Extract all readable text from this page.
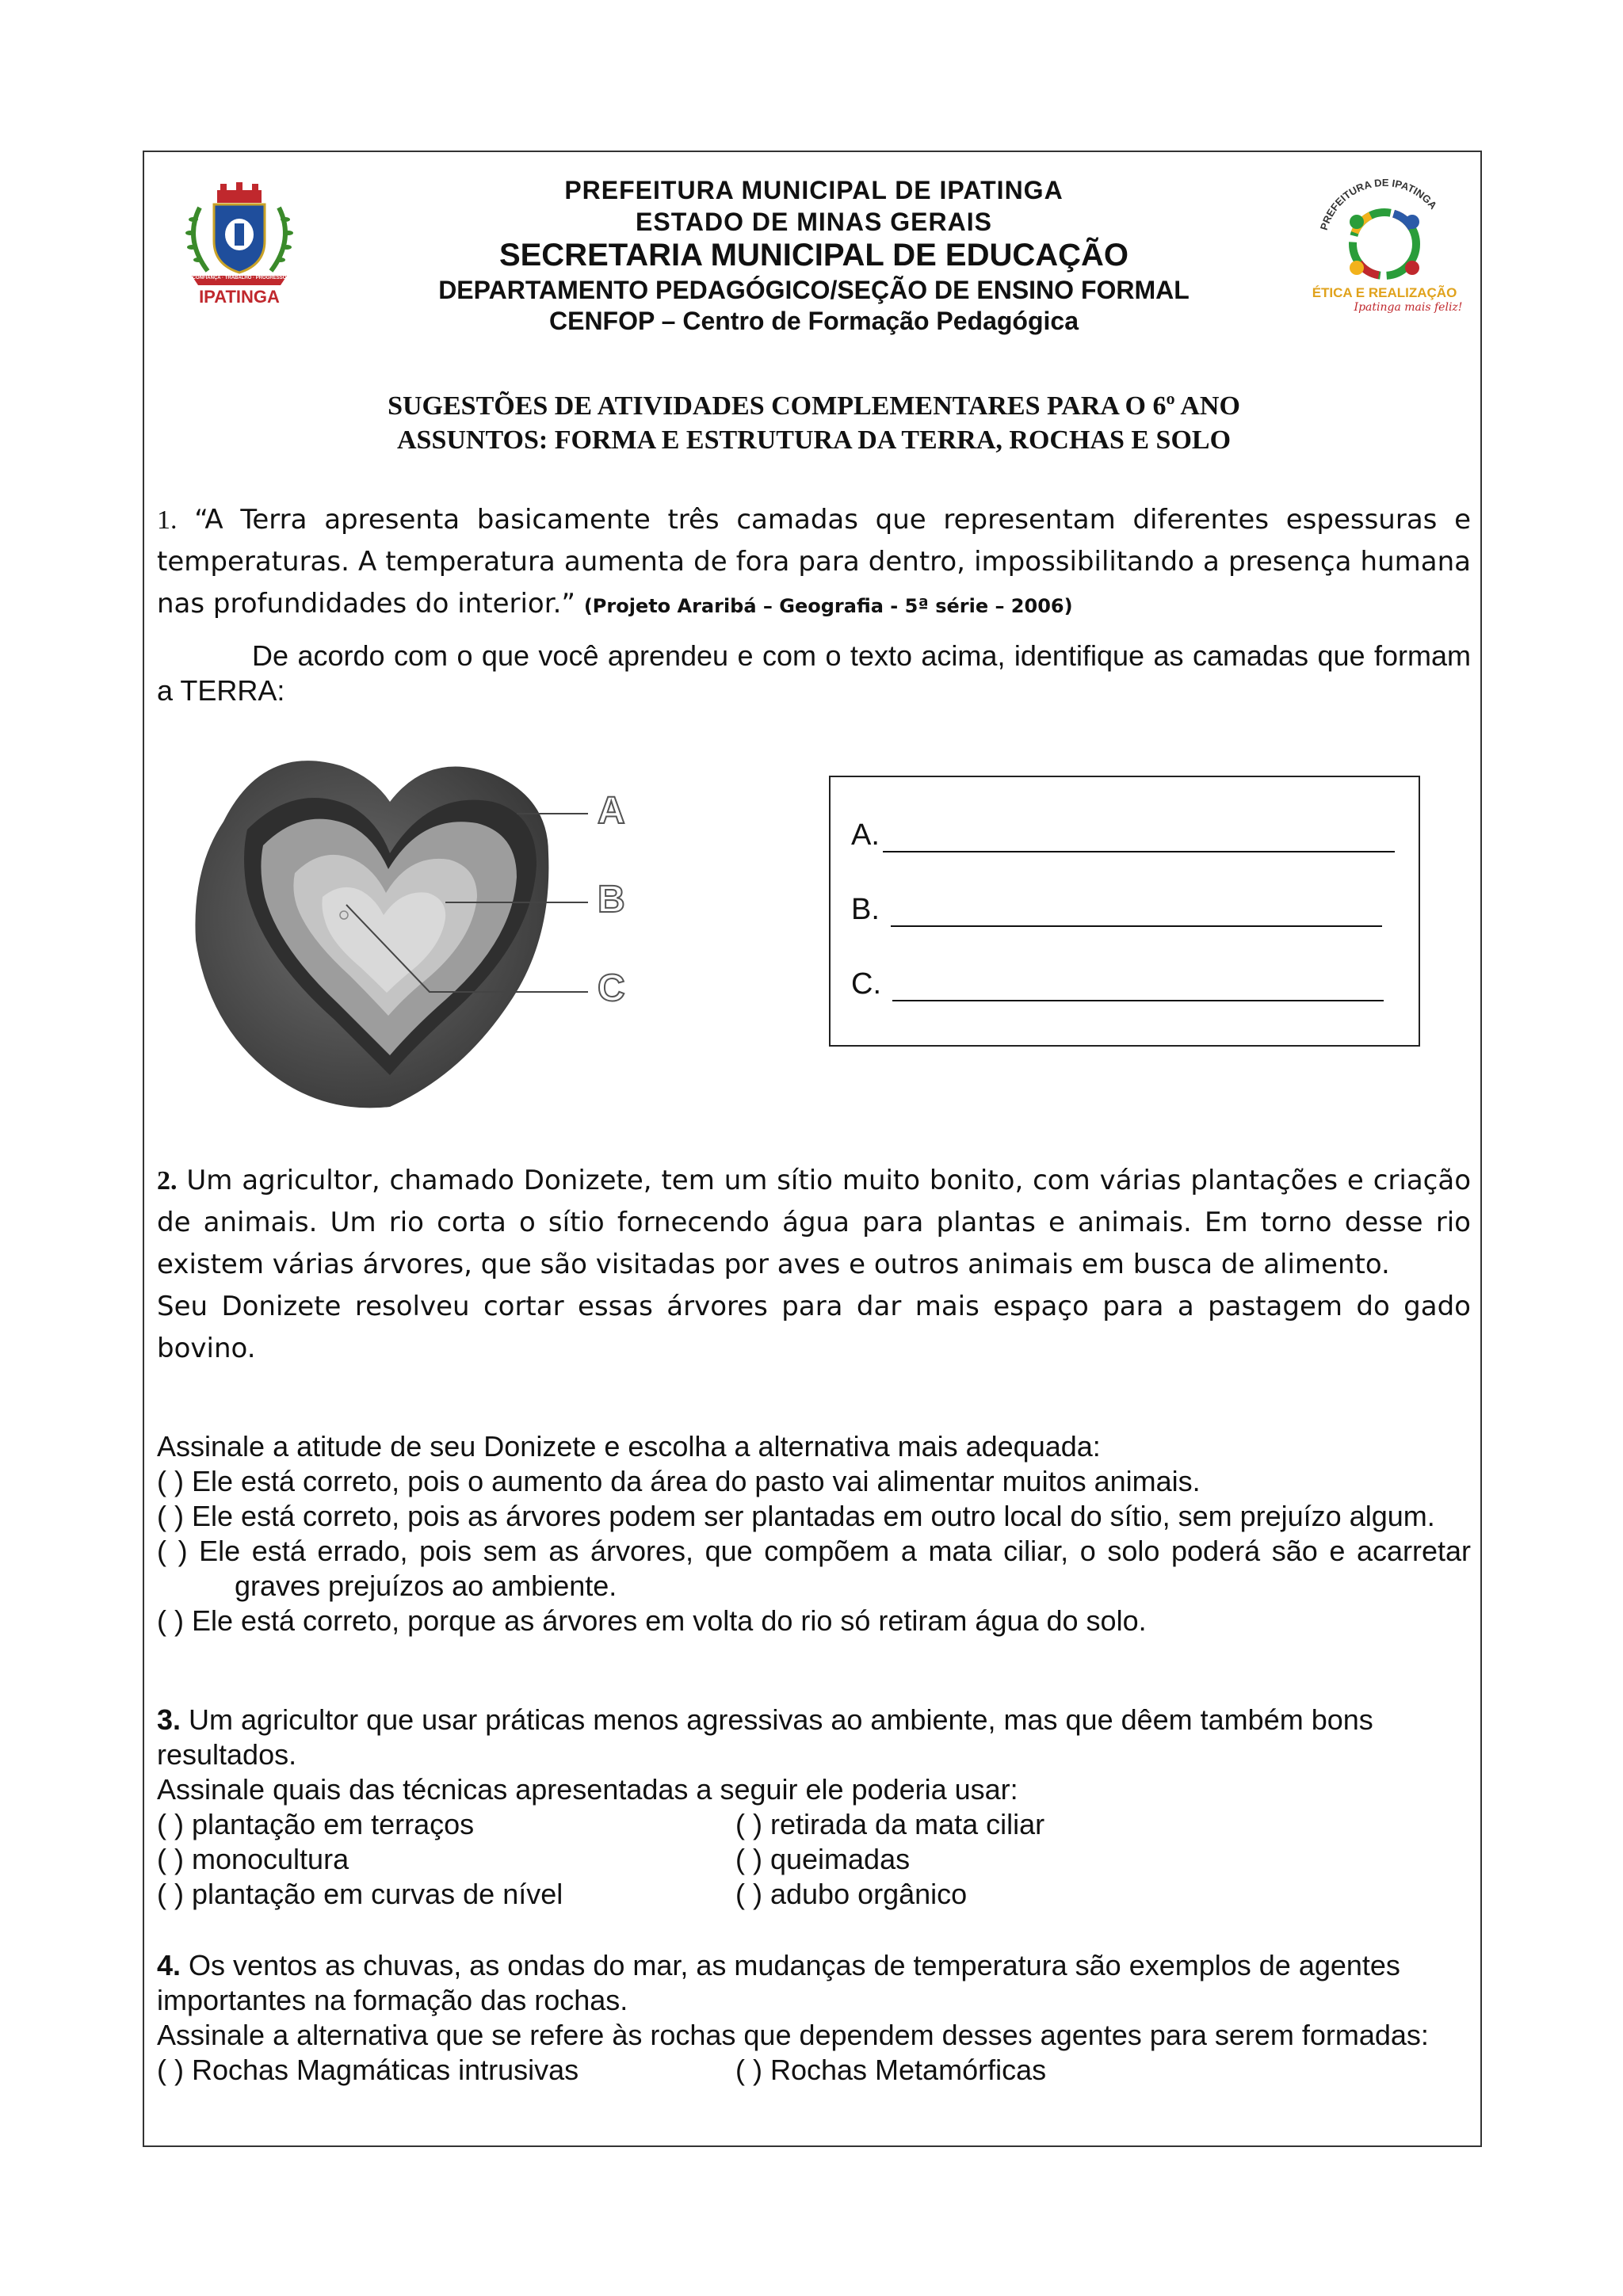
CONFIANÇA · TRABALHO · PROGRESSO
IPATINGA
PREFEITURA DE IPATINGA
ÉTICA E REALIZAÇÃO
Ipatinga mais feliz!
PREFEITURA MUNICIPAL DE IPATINGA
ESTADO DE MINAS GERAIS
SECRETARIA MUNICIPAL DE EDUCAÇÃO
DEPARTAMENTO PEDAGÓGICO/SEÇÃO DE ENSINO FORMAL
CENFOP – Centro de Formação Pedagógica
SUGESTÕES DE ATIVIDADES COMPLEMENTARES PARA O 6º ANO
ASSUNTOS: FORMA E ESTRUTURA DA TERRA, ROCHAS E SOLO
1. “A Terra apresenta basicamente três camadas que representam diferentes espessuras e temperaturas. A temperatura aumenta de fora para dentro, impossibilitando a presença humana nas profundidades do interior.” (Projeto Araribá – Geografia - 5ª série – 2006)
De acordo com o que você aprendeu e com o texto acima, identifique as camadas que formam a TERRA:
A
B
C
A.
B.
C.

2. Um agricultor, chamado Donizete, tem um sítio muito bonito, com várias plantações e criação de animais. Um rio corta o sítio fornecendo água para plantas e animais. Em torno desse rio existem várias árvores, que são visitadas por aves e outros animais em busca de alimento.

Seu Donizete resolveu cortar essas árvores para dar mais espaço para a pastagem do gado bovino.

Assinale a atitude de seu Donizete e escolha a alternativa mais adequada:
( ) Ele está correto, pois o aumento da área do pasto vai alimentar muitos animais.
( ) Ele está correto, pois as árvores podem ser plantadas em outro local do sítio, sem prejuízo algum.
( ) Ele está errado, pois sem as árvores, que compõem a mata ciliar, o solo poderá são e acarretar graves prejuízos ao ambiente.
( ) Ele está correto, porque as árvores em volta do rio só retiram água do solo.
3. Um agricultor que usar práticas menos agressivas ao ambiente, mas que dêem também bons resultados.
Assinale quais das técnicas apresentadas a seguir ele poderia usar:
( ) plantação em terraços	( ) retirada da mata ciliar
( ) monocultura	( ) queimadas
( ) plantação em curvas de nível	( ) adubo orgânico
4. Os ventos as chuvas, as ondas do mar, as mudanças de temperatura são exemplos de agentes importantes na formação das rochas.
Assinale a alternativa que se refere às rochas que dependem desses agentes para serem formadas:
( ) Rochas Magmáticas intrusivas	( ) Rochas Metamórficas
